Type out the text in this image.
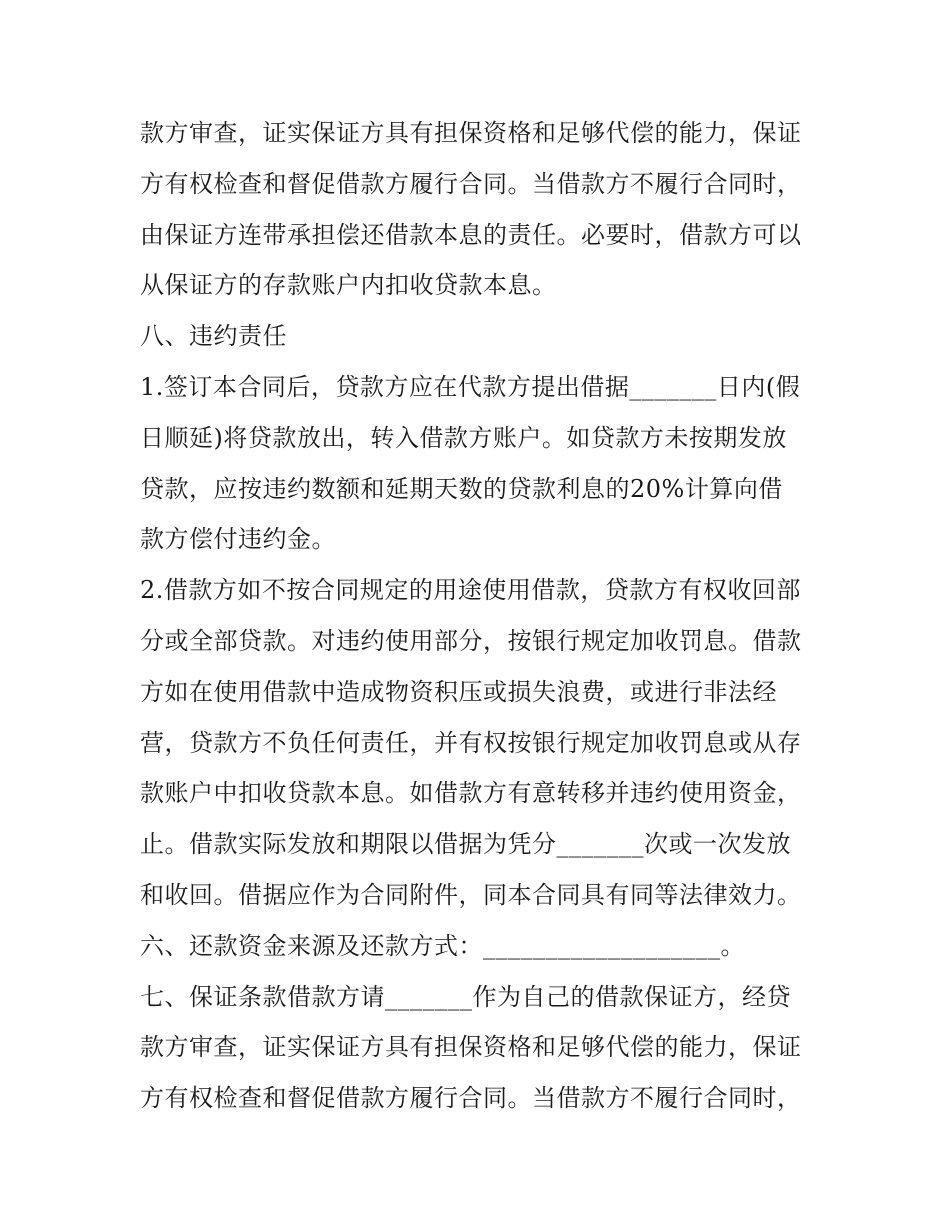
款方审查，证实保证方具有担保资格和足够代偿的能力，保证
方有权检查和督促借款方履行合同。当借款方不履行合同时，
由保证方连带承担偿还借款本息的责任。必要时，借款方可以
从保证方的存款账户内扣收贷款本息。
八、违约责任
1.签订本合同后，贷款方应在代款方提出借据_______日内(假
日顺延)将贷款放出，转入借款方账户。如贷款方未按期发放
贷款，应按违约数额和延期天数的贷款利息的20%计算向借
款方偿付违约金。
2.借款方如不按合同规定的用途使用借款，贷款方有权收回部
分或全部贷款。对违约使用部分，按银行规定加收罚息。借款
方如在使用借款中造成物资积压或损失浪费，或进行非法经
营，贷款方不负任何责任，并有权按银行规定加收罚息或从存
款账户中扣收贷款本息。如借款方有意转移并违约使用资金，
止。借款实际发放和期限以借据为凭分_______次或一次发放
和收回。借据应作为合同附件，同本合同具有同等法律效力。
六、还款资金来源及还款方式：___________________。
七、保证条款借款方请_______作为自己的借款保证方，经贷
款方审查，证实保证方具有担保资格和足够代偿的能力，保证
方有权检查和督促借款方履行合同。当借款方不履行合同时，
